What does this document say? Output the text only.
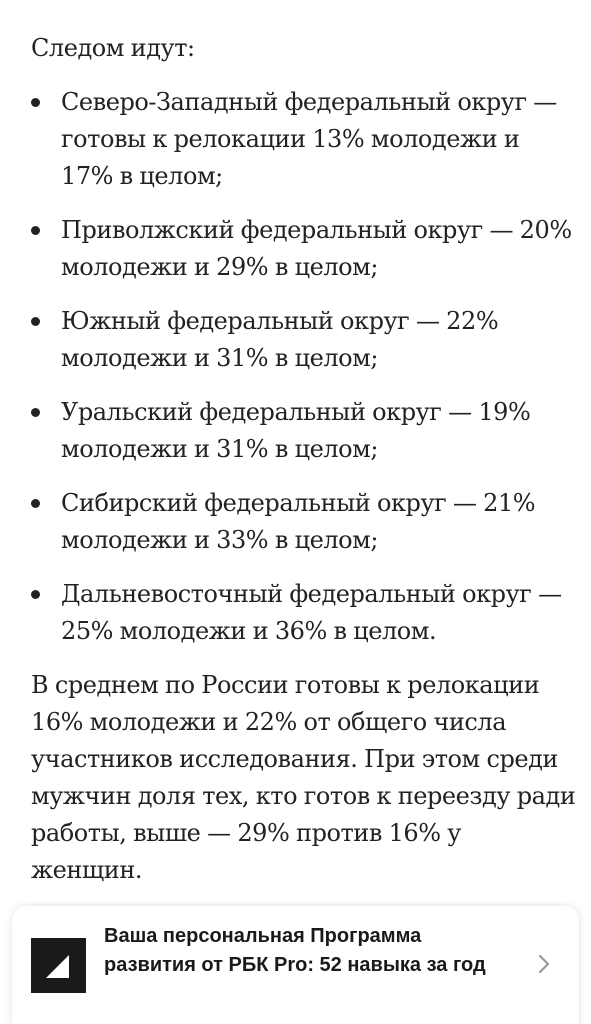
Следом идут:

Северо-Западный федеральный округ — готовы к релокации 13% молодежи и 17% в целом;
Приволжский федеральный округ — 20% молодежи и 29% в целом;
Южный федеральный округ — 22% молодежи и 31% в целом;
Уральский федеральный округ — 19% молодежи и 31% в целом;
Сибирский федеральный округ — 21% молодежи и 33% в целом;
Дальневосточный федеральный округ — 25% молодежи и 36% в целом.

В среднем по России готовы к релокации 16% молодежи и 22% от общего числа участников исследования. При этом среди мужчин доля тех, кто готов к переезду ради работы, выше — 29% против 16% у женщин.

Ваша персональная Программа развития от РБК Pro: 52 навыка за год
